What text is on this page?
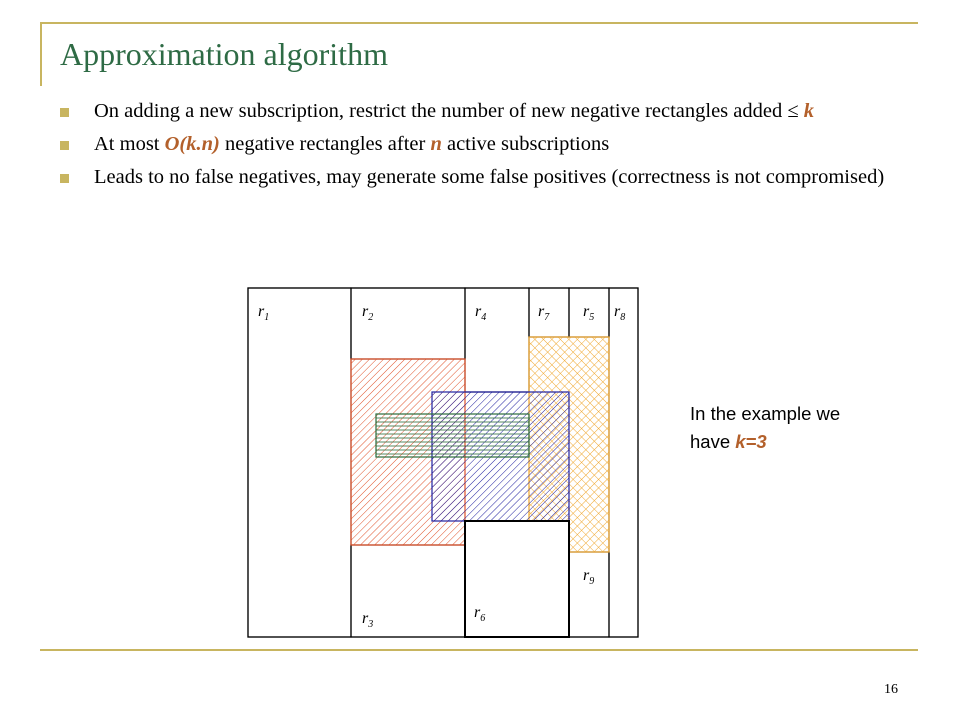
Approximation algorithm
On adding a new subscription, restrict the number of new negative rectangles added ≤ k
At most O(k.n) negative rectangles after n active subscriptions
Leads to no false negatives, may generate some false positives (correctness is not compromised)
$r_1$	$r_2$	$r_4$	$r_7$ $r_5$ $r_8$
$r_9$
$r_6$
$r_3$
In the example we
have k=3
16
